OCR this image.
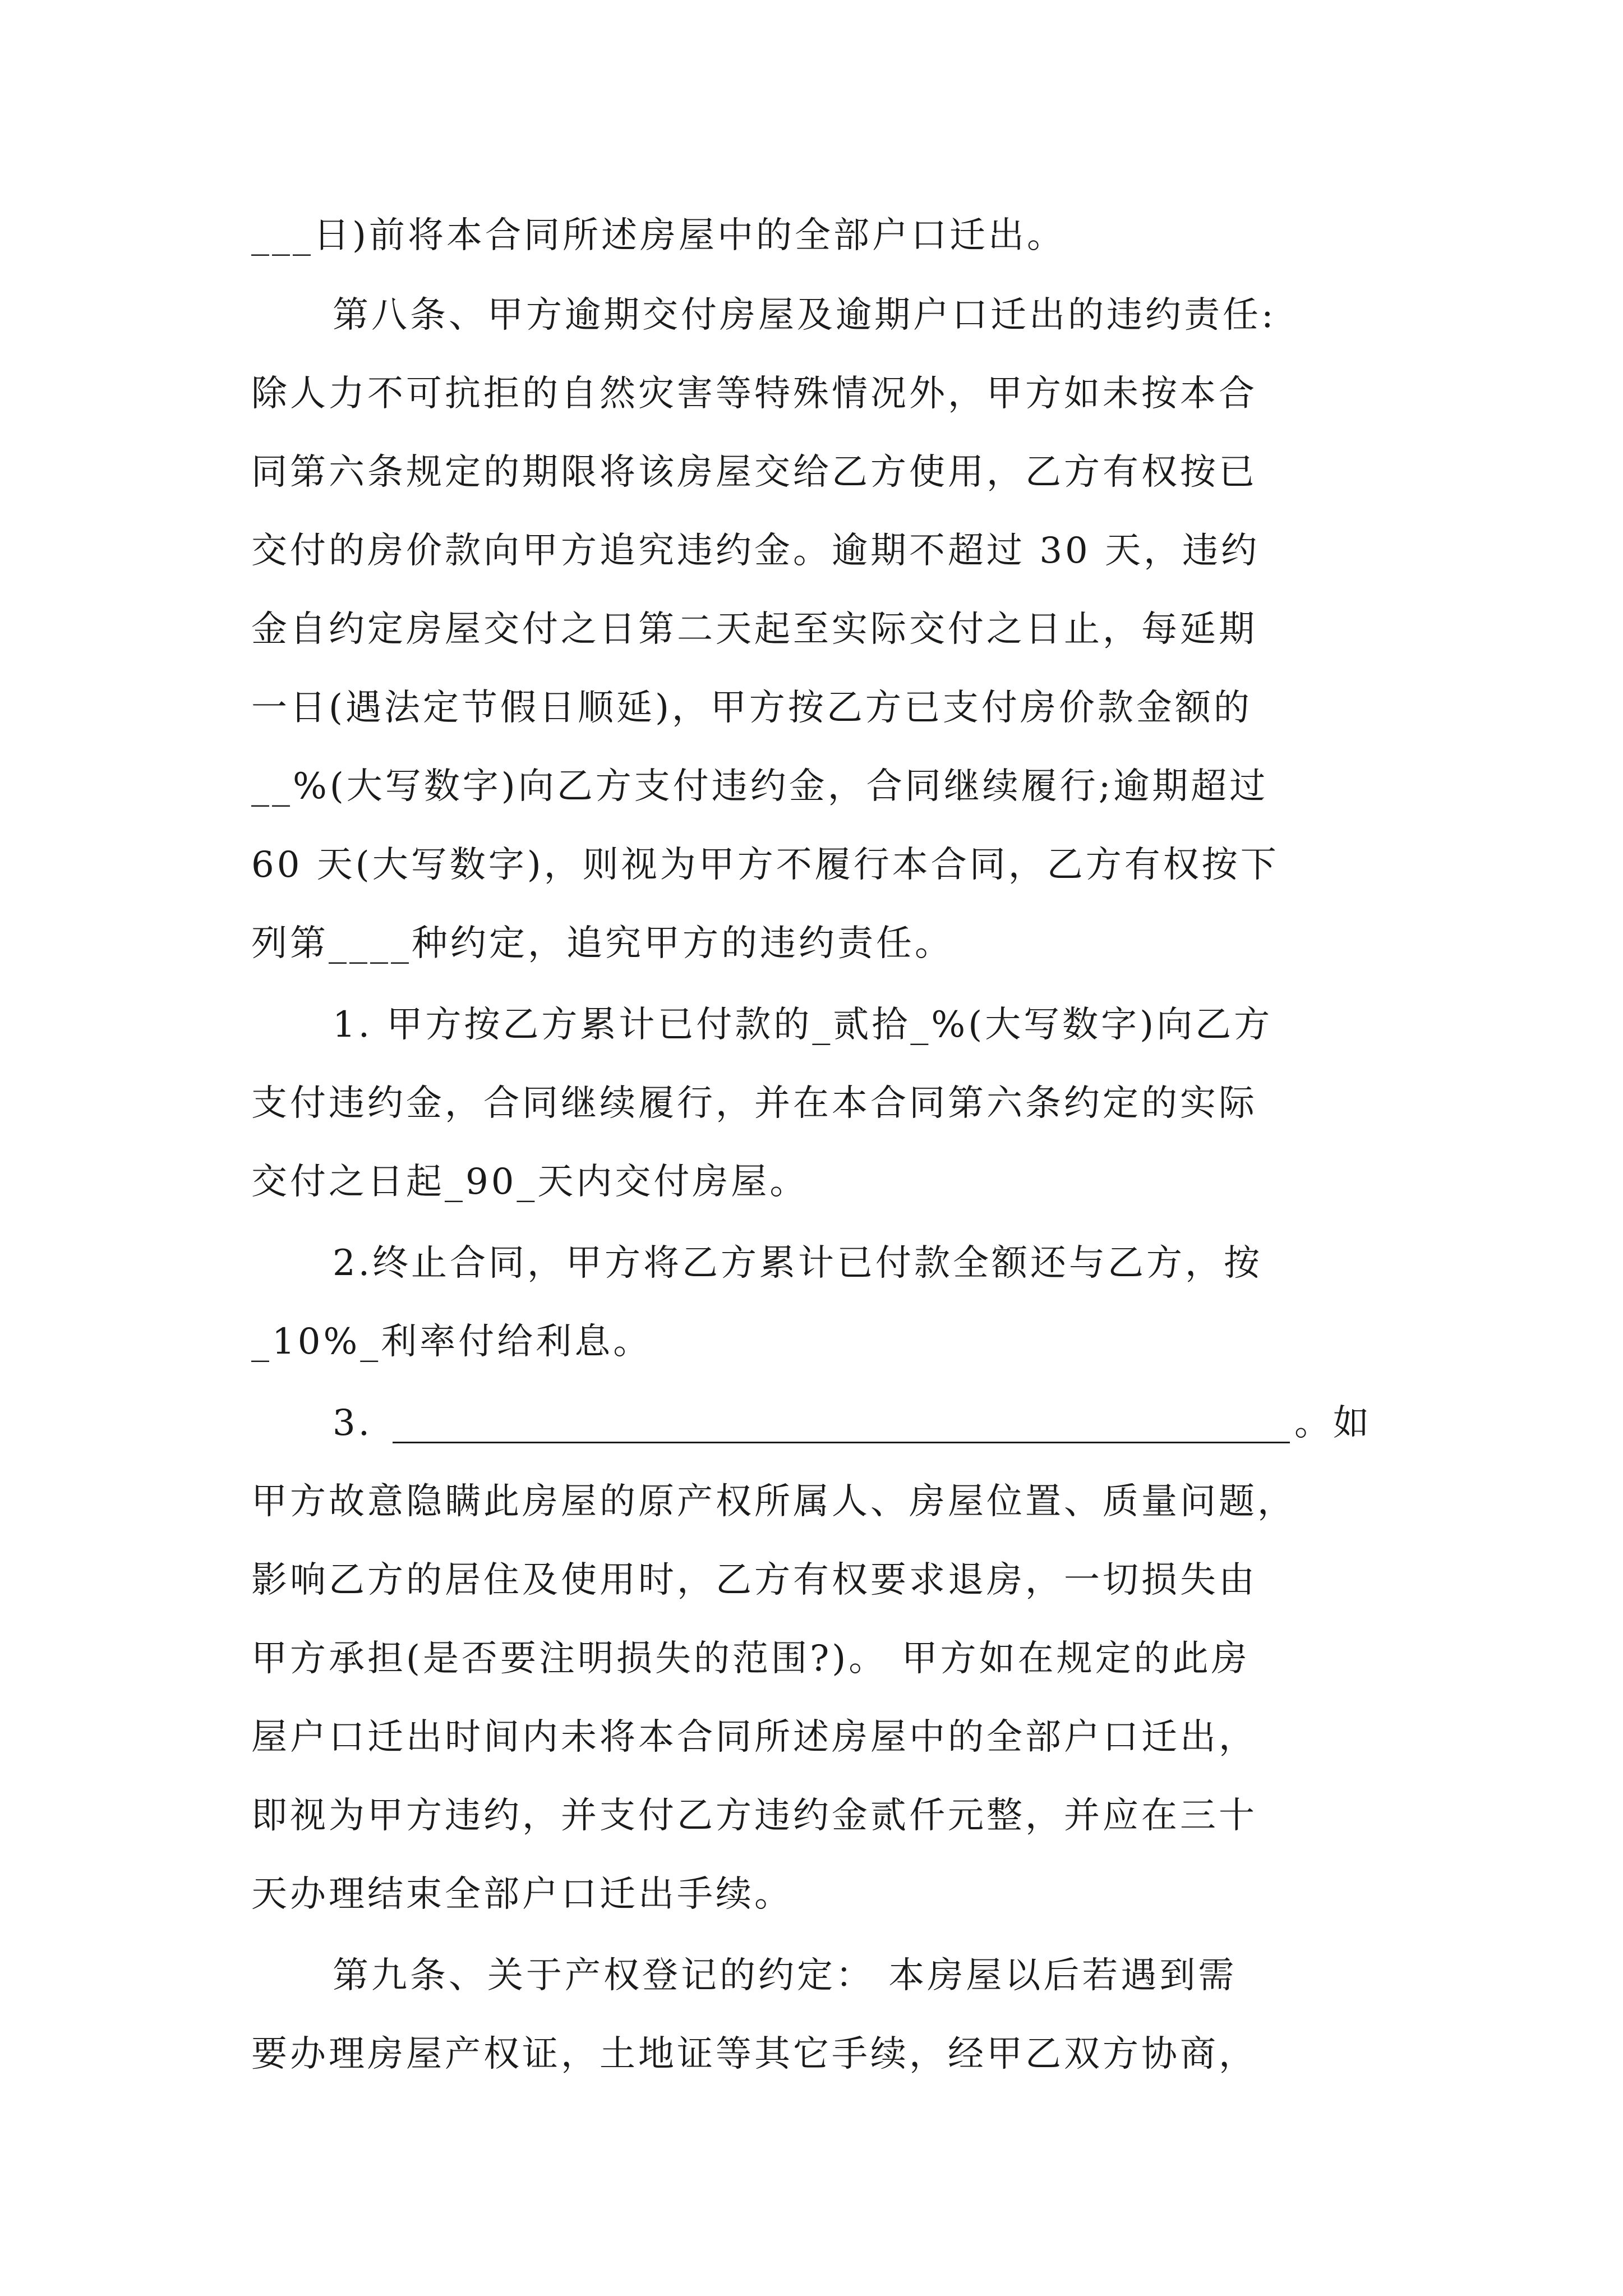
___日)前将本合同所述房屋中的全部户口迁出。
第八条、甲方逾期交付房屋及逾期户口迁出的违约责任:
除人力不可抗拒的自然灾害等特殊情况外，甲方如未按本合
同第六条规定的期限将该房屋交给乙方使用，乙方有权按已
交付的房价款向甲方追究违约金。逾期不超过 30 天，违约
金自约定房屋交付之日第二天起至实际交付之日止，每延期
一日(遇法定节假日顺延)，甲方按乙方已支付房价款金额的
__%(大写数字)向乙方支付违约金，合同继续履行;逾期超过
60 天(大写数字)，则视为甲方不履行本合同，乙方有权按下
列第____种约定，追究甲方的违约责任。
1. 甲方按乙方累计已付款的_贰拾_%(大写数字)向乙方
支付违约金，合同继续履行，并在本合同第六条约定的实际
交付之日起_90_天内交付房屋。
2.终止合同，甲方将乙方累计已付款全额还与乙方，按
_10%_利率付给利息。
3.	。如
甲方故意隐瞒此房屋的原产权所属人、房屋位置、质量问题，
影响乙方的居住及使用时，乙方有权要求退房，一切损失由
甲方承担(是否要注明损失的范围?)。 甲方如在规定的此房
屋户口迁出时间内未将本合同所述房屋中的全部户口迁出，
即视为甲方违约，并支付乙方违约金贰仟元整，并应在三十
天办理结束全部户口迁出手续。
第九条、关于产权登记的约定： 本房屋以后若遇到需
要办理房屋产权证，土地证等其它手续，经甲乙双方协商，
